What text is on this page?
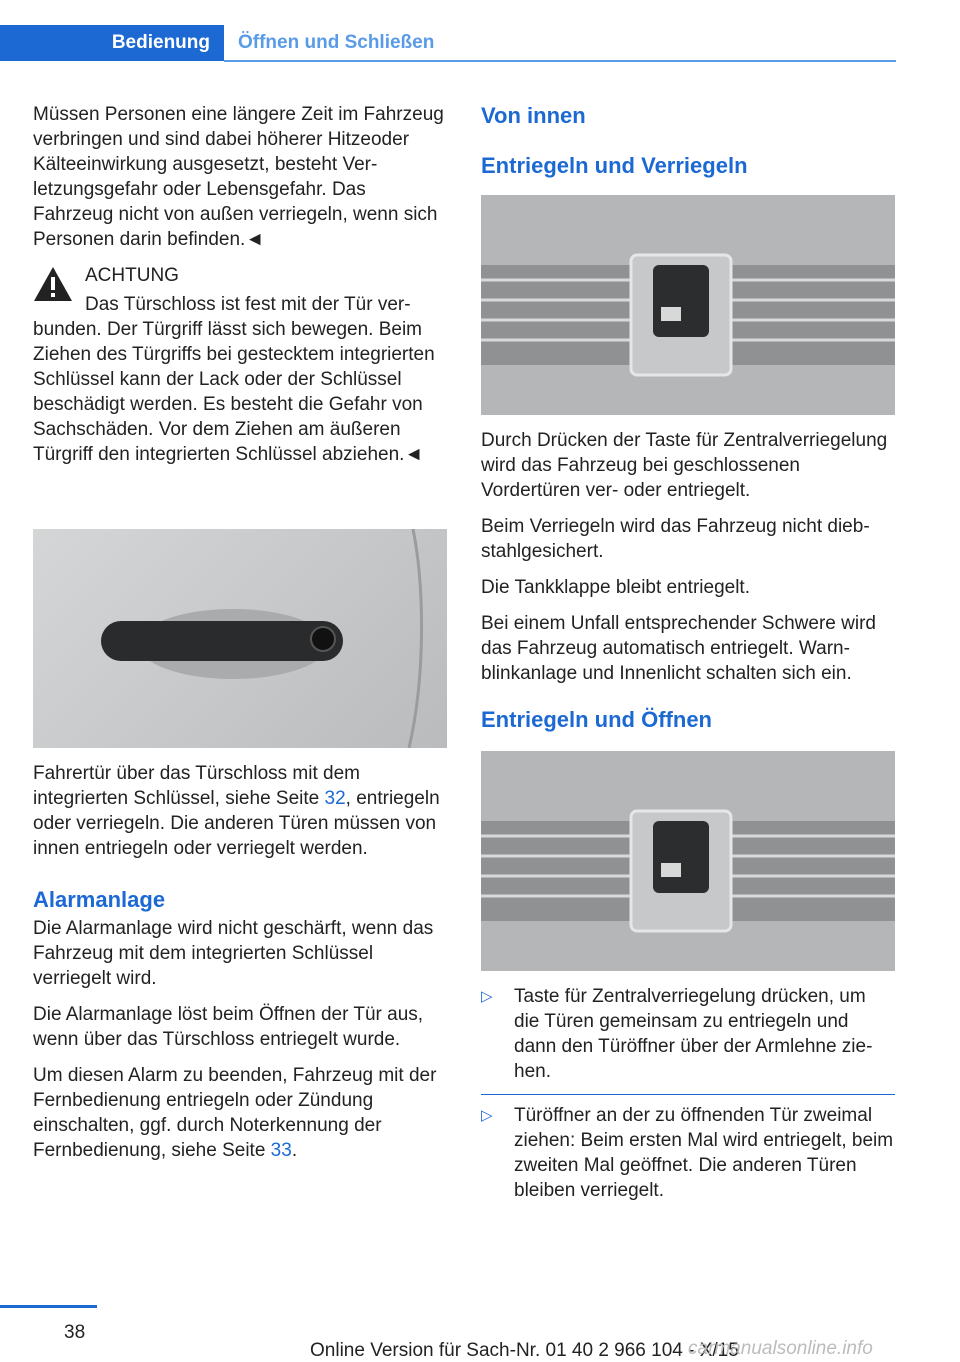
Bedienung	Öffnen und Schließen

Müssen Personen eine längere Zeit im Fahrzeug verbringen und sind dabei höherer Hitzeoder Kälteeinwirkung ausgesetzt, besteht Verletzungsgefahr oder Lebensgefahr. Das Fahrzeug nicht von außen verriegeln, wenn sich Personen darin befinden.◄

ACHTUNG

Das Türschloss ist fest mit der Tür verbunden. Der Türgriff lässt sich bewegen. Beim Ziehen des Türgriffs bei gestecktem integrierten Schlüssel kann der Lack oder der Schlüssel beschädigt werden. Es besteht die Gefahr von Sachschäden. Vor dem Ziehen am äußeren Türgriff den integrierten Schlüssel abziehen.◄

Fahrertür über das Türschloss mit dem integrierten Schlüssel, siehe Seite 32, entriegeln oder verriegeln. Die anderen Türen müssen von innen entriegeln oder verriegelt werden.

Alarmanlage

Die Alarmanlage wird nicht geschärft, wenn das Fahrzeug mit dem integrierten Schlüssel verriegelt wird.

Die Alarmanlage löst beim Öffnen der Tür aus, wenn über das Türschloss entriegelt wurde.

Um diesen Alarm zu beenden, Fahrzeug mit der Fernbedienung entriegeln oder Zündung einschalten, ggf. durch Noterkennung der Fernbedienung, siehe Seite 33.

Von innen
Entriegeln und Verriegeln

Durch Drücken der Taste für Zentralverriegelung wird das Fahrzeug bei geschlossenen Vordertüren ver- oder entriegelt.

Beim Verriegeln wird das Fahrzeug nicht diebstahlgesichert.

Die Tankklappe bleibt entriegelt.

Bei einem Unfall entsprechender Schwere wird das Fahrzeug automatisch entriegelt. Warnblinkanlage und Innenlicht schalten sich ein.

Entriegeln und Öffnen
▷ Taste für Zentralverriegelung drücken, um die Türen gemeinsam zu entriegeln und dann den Türöffner über der Armlehne ziehen.
▷ Türöffner an der zu öffnenden Tür zweimal ziehen: Beim ersten Mal wird entriegelt, beim zweiten Mal geöffnet. Die anderen Türen bleiben verriegelt.
38
Online Version für Sach-Nr. 01 40 2 966 104 - X/15
carmanualsonline.info
